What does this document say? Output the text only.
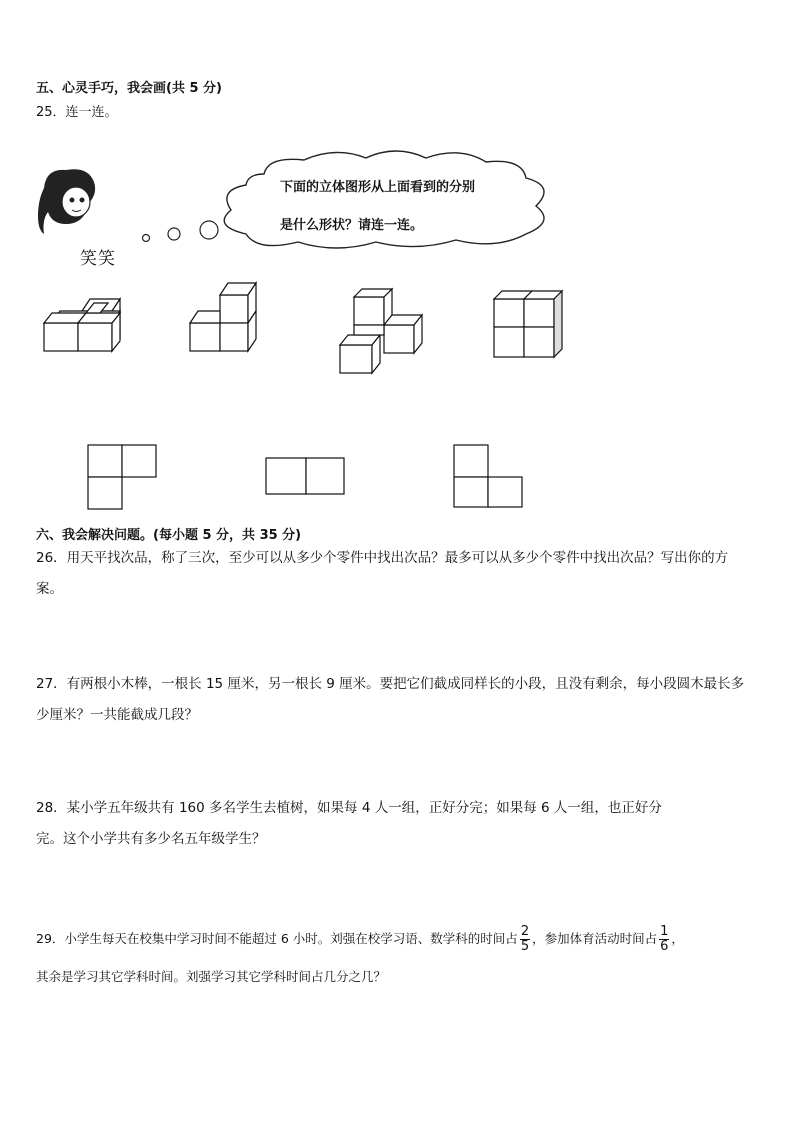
五、心灵手巧，我会画(共 5 分)
25．连一连。
笑笑
下面的立体图形从上面看到的分别
是什么形状？请连一连。
六、我会解决问题。(每小题 5 分，共 35 分)
26．用天平找次品，称了三次，至少可以从多少个零件中找出次品？最多可以从多少个零件中找出次品？写出你的方
案。
27．有两根小木棒，一根长 15 厘米，另一根长 9 厘米。要把它们截成同样长的小段，且没有剩余，每小段圆木最长多
少厘米？一共能截成几段？
28．某小学五年级共有 160 多名学生去植树，如果每 4 人一组，正好分完；如果每 6 人一组，也正好分
完。这个小学共有多少名五年级学生？
29．小学生每天在校集中学习时间不能超过 6 小时。刘强在校学习语、数学科的时间占 $\frac{2}{5}$ ，参加体育活动时间占 $\frac{1}{6}$ ，
其余是学习其它学科时间。刘强学习其它学科时间占几分之几？
